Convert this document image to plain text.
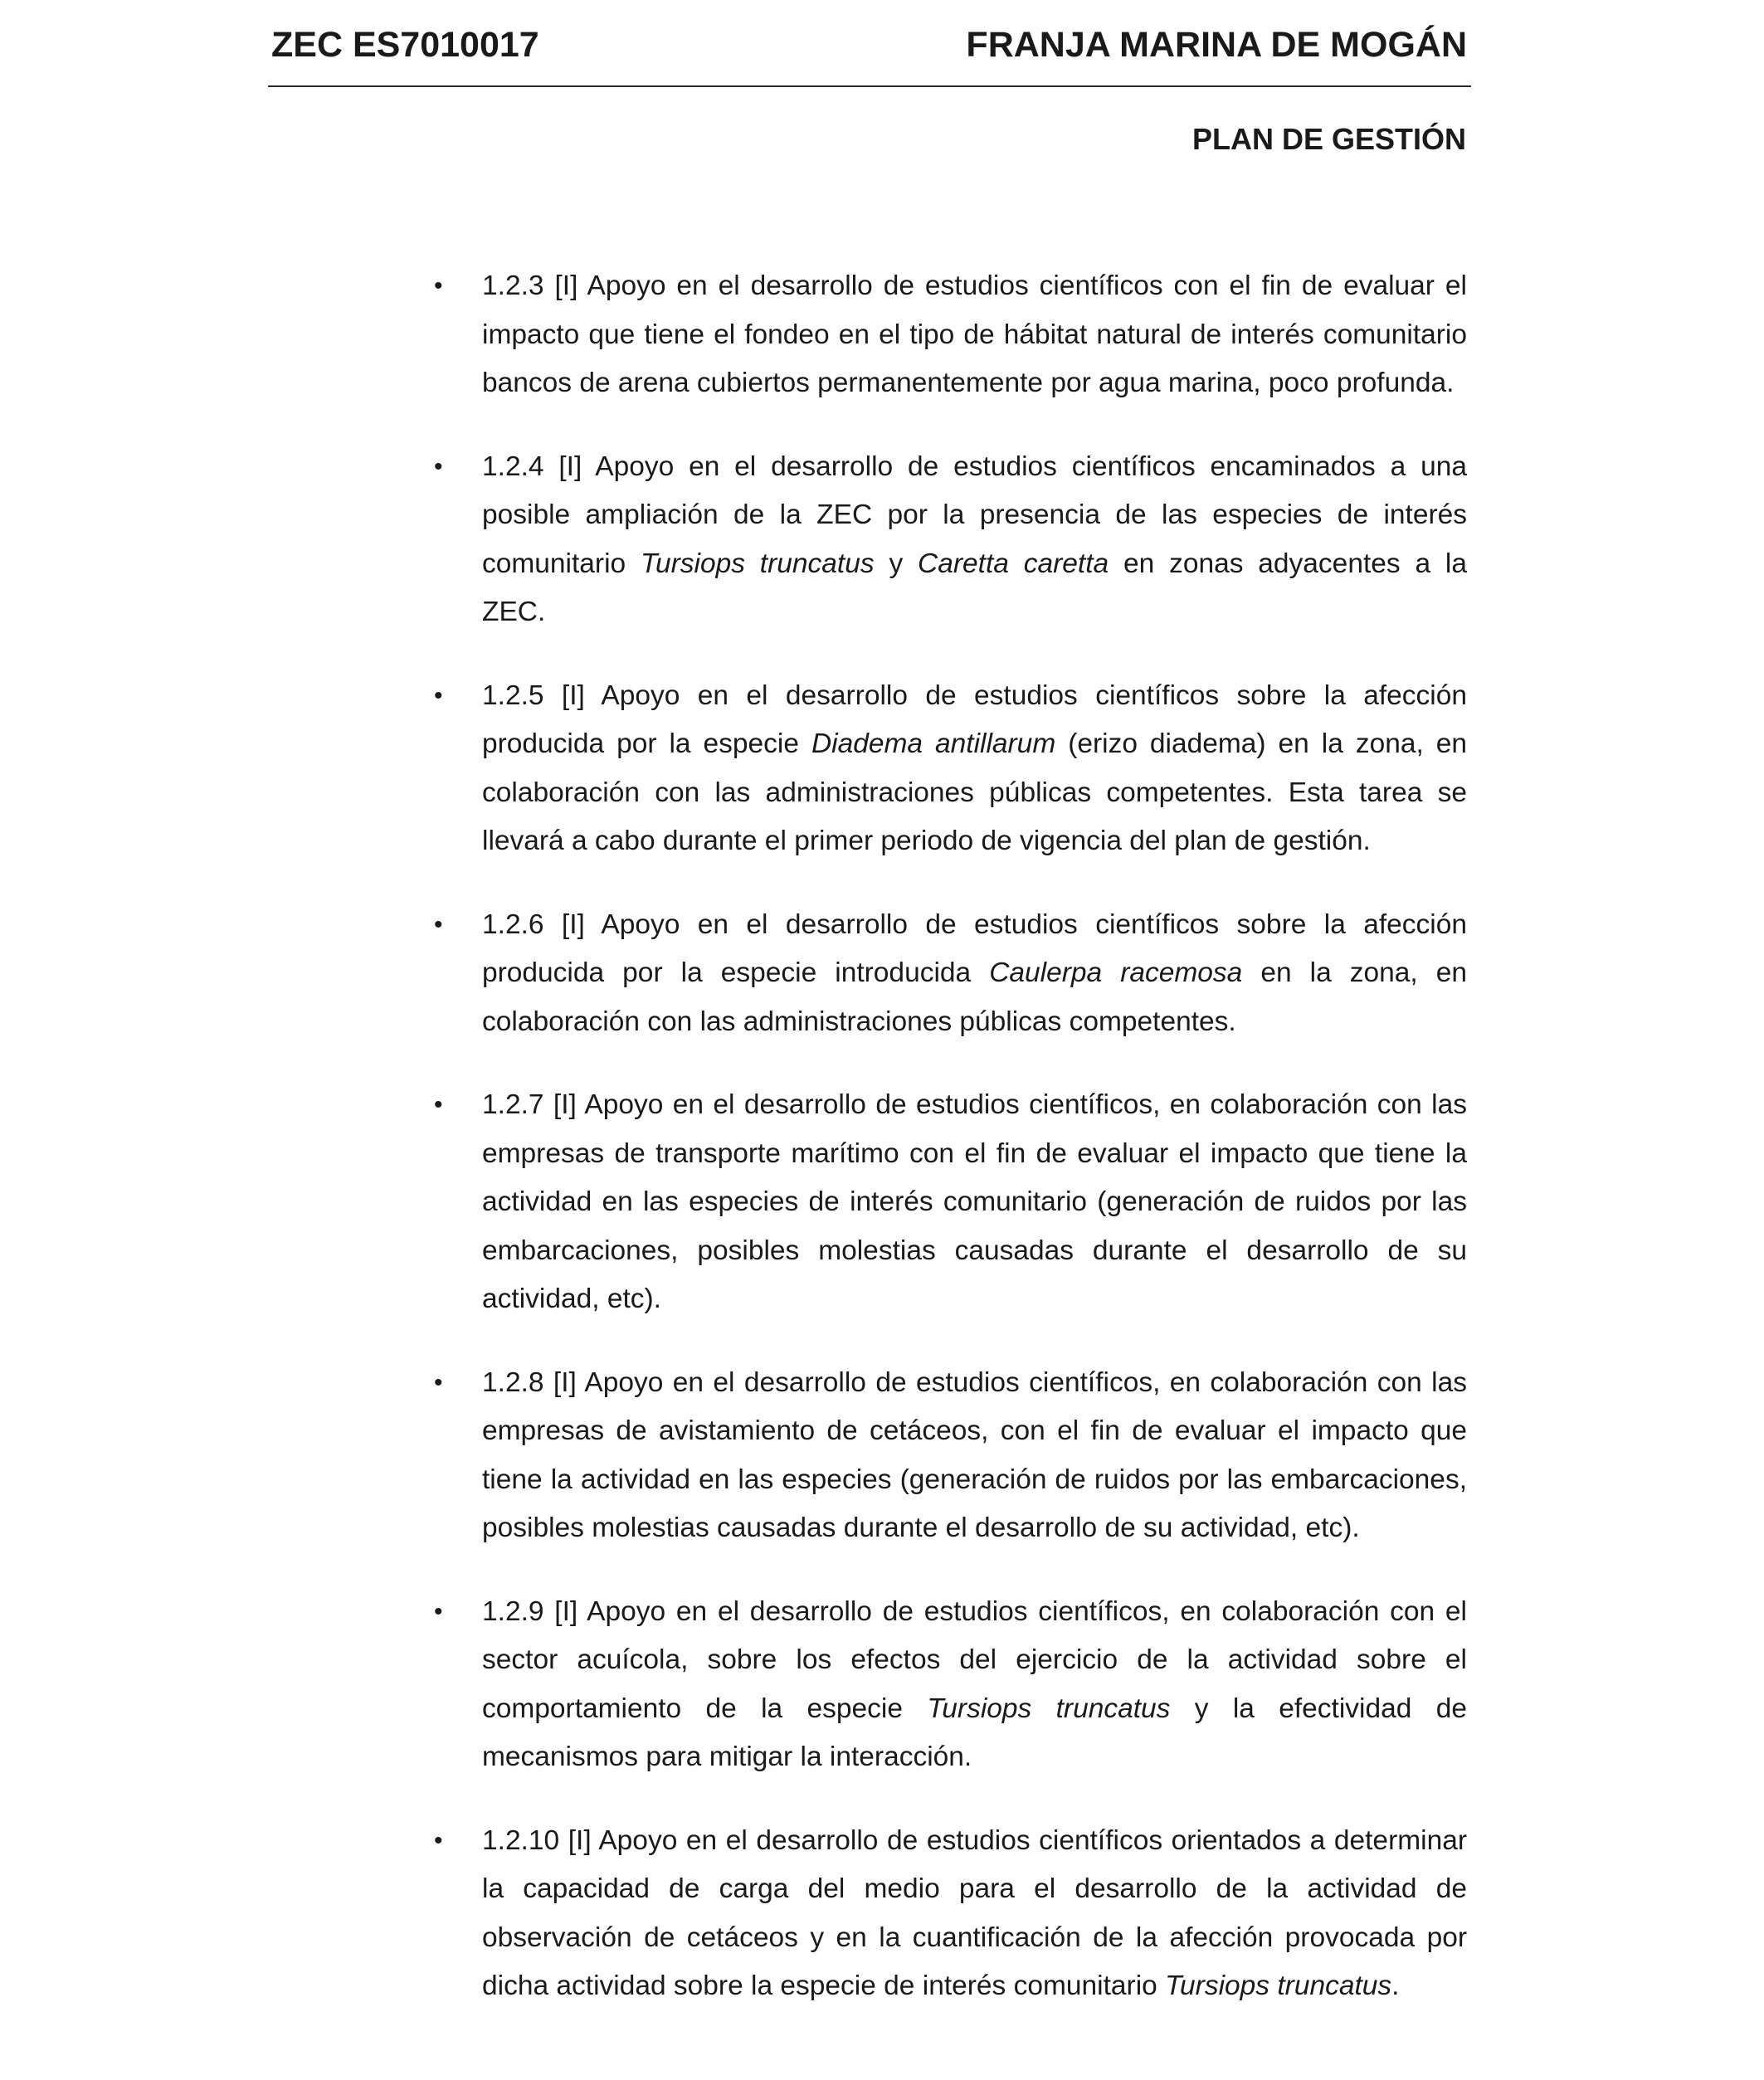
ZEC ES7010017	FRANJA MARINA DE MOGÁN
PLAN DE GESTIÓN
• 1.2.3 [I] Apoyo en el desarrollo de estudios científicos con el fin de evaluar el impacto que tiene el fondeo en el tipo de hábitat natural de interés comunitario bancos de arena cubiertos permanentemente por agua marina, poco profunda.
• 1.2.4 [I] Apoyo en el desarrollo de estudios científicos encaminados a una posible ampliación de la ZEC por la presencia de las especies de interés comunitario Tursiops truncatus y Caretta caretta en zonas adyacentes a la ZEC.
• 1.2.5 [I] Apoyo en el desarrollo de estudios científicos sobre la afección producida por la especie Diadema antillarum (erizo diadema) en la zona, en colaboración con las administraciones públicas competentes. Esta tarea se llevará a cabo durante el primer periodo de vigencia del plan de gestión.
• 1.2.6 [I] Apoyo en el desarrollo de estudios científicos sobre la afección producida por la especie introducida Caulerpa racemosa en la zona, en colaboración con las administraciones públicas competentes.
• 1.2.7 [I] Apoyo en el desarrollo de estudios científicos, en colaboración con las empresas de transporte marítimo con el fin de evaluar el impacto que tiene la actividad en las especies de interés comunitario (generación de ruidos por las embarcaciones, posibles molestias causadas durante el desarrollo de su actividad, etc).
• 1.2.8 [I] Apoyo en el desarrollo de estudios científicos, en colaboración con las empresas de avistamiento de cetáceos, con el fin de evaluar el impacto que tiene la actividad en las especies (generación de ruidos por las embarcaciones, posibles molestias causadas durante el desarrollo de su actividad, etc).
• 1.2.9 [I] Apoyo en el desarrollo de estudios científicos, en colaboración con el sector acuícola, sobre los efectos del ejercicio de la actividad sobre el comportamiento de la especie Tursiops truncatus y la efectividad de mecanismos para mitigar la interacción.
• 1.2.10 [I] Apoyo en el desarrollo de estudios científicos orientados a determinar la capacidad de carga del medio para el desarrollo de la actividad de observación de cetáceos y en la cuantificación de la afección provocada por dicha actividad sobre la especie de interés comunitario Tursiops truncatus.
